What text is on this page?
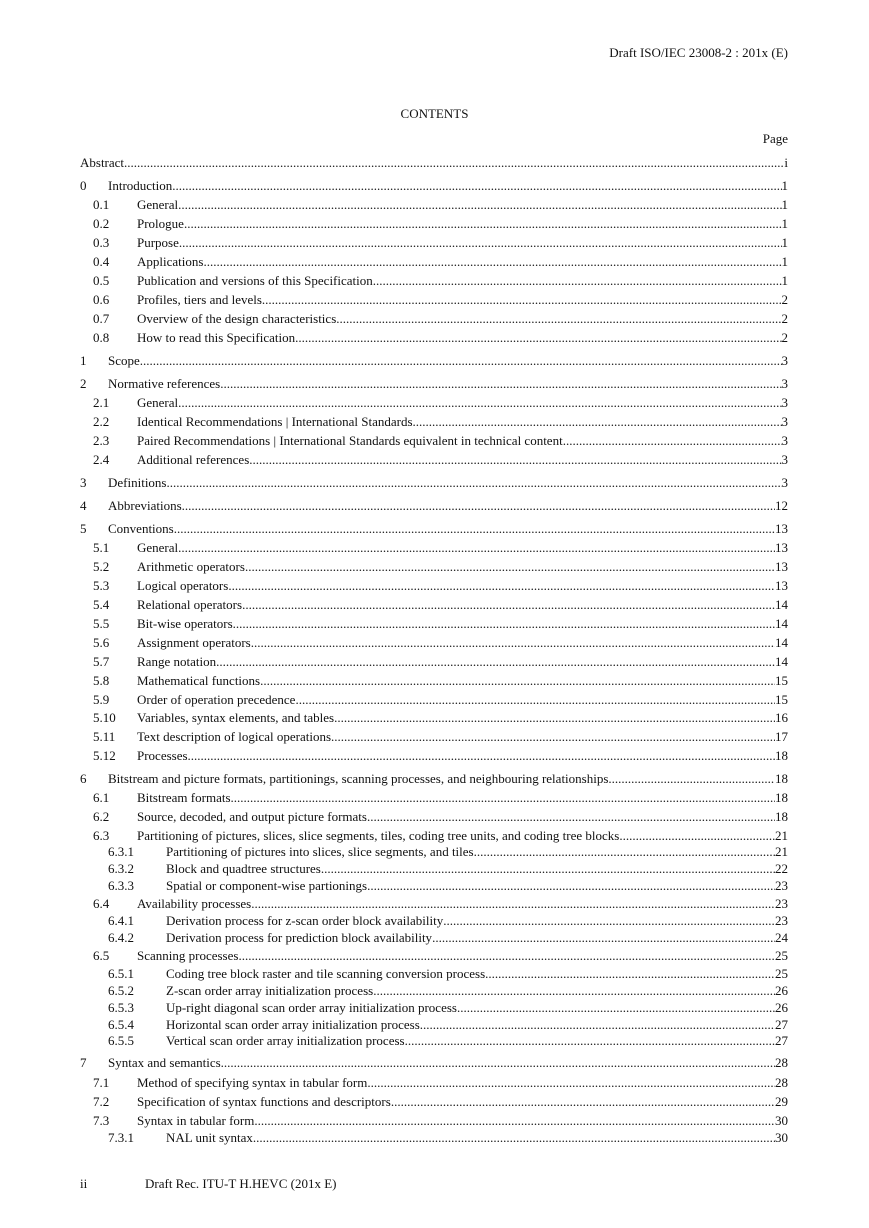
Draft ISO/IEC 23008-2 : 201x (E)
CONTENTS
Page
Abstract .....	i
0 Introduction .....	1
0.1 General .....	1
0.2 Prologue .....	1
0.3 Purpose .....	1
0.4 Applications .....	1
0.5 Publication and versions of this Specification .....	1
0.6 Profiles, tiers and levels .....	2
0.7 Overview of the design characteristics .....	2
0.8 How to read this Specification .....	2
1 Scope .....	3
2 Normative references .....	3
2.1 General .....	3
2.2 Identical Recommendations | International Standards .....	3
2.3 Paired Recommendations | International Standards equivalent in technical content .....	3
2.4 Additional references .....	3
3 Definitions .....	3
4 Abbreviations .....	12
5 Conventions .....	13
5.1 General .....	13
5.2 Arithmetic operators .....	13
5.3 Logical operators .....	13
5.4 Relational operators .....	14
5.5 Bit-wise operators .....	14
5.6 Assignment operators .....	14
5.7 Range notation .....	14
5.8 Mathematical functions .....	15
5.9 Order of operation precedence .....	15
5.10 Variables, syntax elements, and tables .....	16
5.11 Text description of logical operations .....	17
5.12 Processes .....	18
6 Bitstream and picture formats, partitionings, scanning processes, and neighbouring relationships .....	18
6.1 Bitstream formats .....	18
6.2 Source, decoded, and output picture formats .....	18
6.3 Partitioning of pictures, slices, slice segments, tiles, coding tree units, and coding tree blocks .....	21
6.3.1 Partitioning of pictures into slices, slice segments, and tiles .....	21
6.3.2 Block and quadtree structures .....	22
6.3.3 Spatial or component-wise partionings .....	23
6.4 Availability processes .....	23
6.4.1 Derivation process for z-scan order block availability .....	23
6.4.2 Derivation process for prediction block availability .....	24
6.5 Scanning processes .....	25
6.5.1 Coding tree block raster and tile scanning conversion process .....	25
6.5.2 Z-scan order array initialization process .....	26
6.5.3 Up-right diagonal scan order array initialization process .....	26
6.5.4 Horizontal scan order array initialization process .....	27
6.5.5 Vertical scan order array initialization process .....	27
7 Syntax and semantics .....	28
7.1 Method of specifying syntax in tabular form .....	28
7.2 Specification of syntax functions and descriptors .....	29
7.3 Syntax in tabular form .....	30
7.3.1 NAL unit syntax .....	30
ii	Draft Rec. ITU-T H.HEVC (201x E)
